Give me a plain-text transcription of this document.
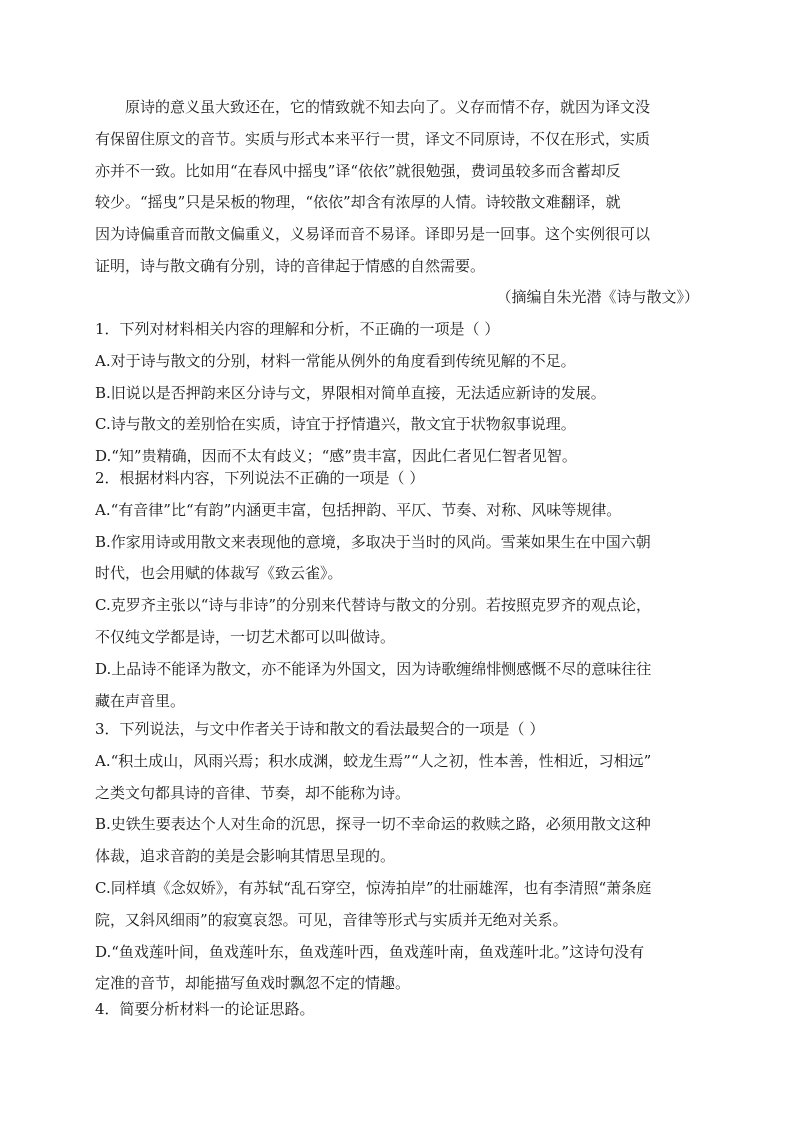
原诗的意义虽大致还在，它的情致就不知去向了。义存而情不存，就因为译文没
有保留住原文的音节。实质与形式本来平行一贯，译文不同原诗，不仅在形式，实质
亦并不一致。比如用“在春风中摇曳”译“依依”就很勉强，费词虽较多而含蓄却反
较少。“摇曳”只是呆板的物理，“依依”却含有浓厚的人情。诗较散文难翻译，就
因为诗偏重音而散文偏重义，义易译而音不易译。译即另是一回事。这个实例很可以
证明，诗与散文确有分别，诗的音律起于情感的自然需要。
（摘编自朱光潜《诗与散文》）
1．下列对材料相关内容的理解和分析，不正确的一项是（ ）
A.对于诗与散文的分别，材料一常能从例外的角度看到传统见解的不足。
B.旧说以是否押韵来区分诗与文，界限相对简单直接，无法适应新诗的发展。
C.诗与散文的差别恰在实质，诗宜于抒情遣兴，散文宜于状物叙事说理。
D.“知”贵精确，因而不太有歧义；“感”贵丰富，因此仁者见仁智者见智。
2．根据材料内容，下列说法不正确的一项是（ ）
A.“有音律”比“有韵”内涵更丰富，包括押韵、平仄、节奏、对称、风味等规律。
B.作家用诗或用散文来表现他的意境，多取决于当时的风尚。雪莱如果生在中国六朝
时代，也会用赋的体裁写《致云雀》。
C.克罗齐主张以“诗与非诗”的分别来代替诗与散文的分别。若按照克罗齐的观点论，
不仅纯文学都是诗，一切艺术都可以叫做诗。
D.上品诗不能译为散文，亦不能译为外国文，因为诗歌缠绵悱恻感慨不尽的意味往往
藏在声音里。
3．下列说法，与文中作者关于诗和散文的看法最契合的一项是（ ）
A.“积土成山，风雨兴焉；积水成渊，蛟龙生焉”“人之初，性本善，性相近，习相远”
之类文句都具诗的音律、节奏，却不能称为诗。
B.史铁生要表达个人对生命的沉思，探寻一切不幸命运的救赎之路，必须用散文这种
体裁，追求音韵的美是会影响其情思呈现的。
C.同样填《念奴娇》，有苏轼“乱石穿空，惊涛拍岸”的壮丽雄浑，也有李清照“萧条庭
院，又斜风细雨”的寂寞哀怨。可见，音律等形式与实质并无绝对关系。
D.“鱼戏莲叶间，鱼戏莲叶东，鱼戏莲叶西，鱼戏莲叶南，鱼戏莲叶北。”这诗句没有
定准的音节，却能描写鱼戏时飘忽不定的情趣。
4．简要分析材料一的论证思路。
